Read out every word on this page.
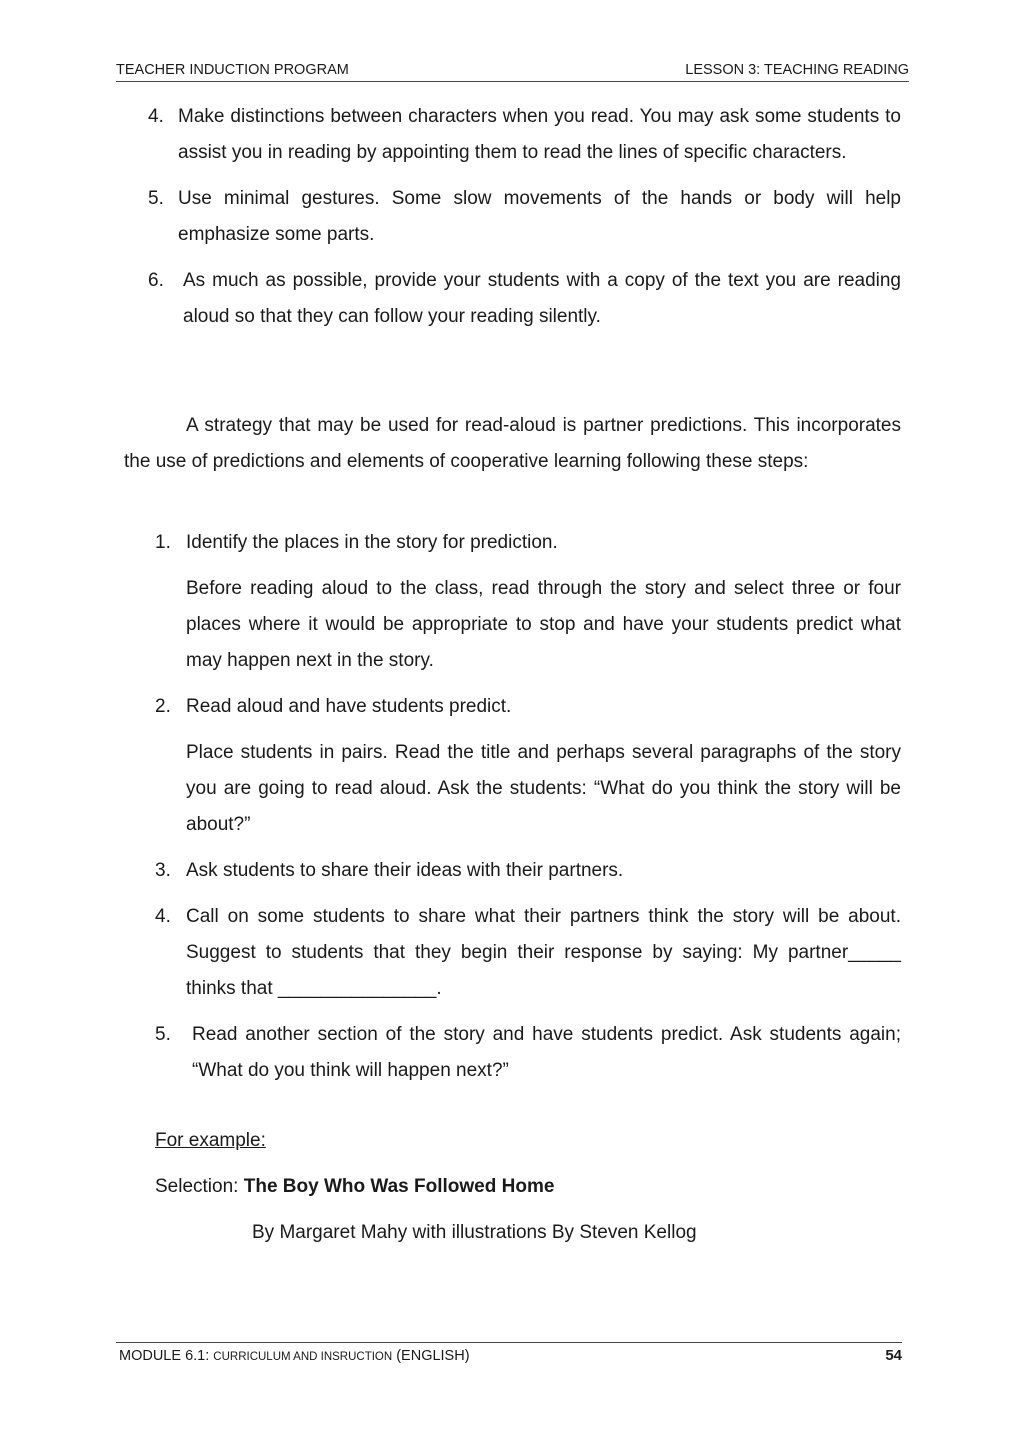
TEACHER INDUCTION PROGRAM	LESSON 3: TEACHING READING
4. Make distinctions between characters when you read. You may ask some students to assist you in reading by appointing them to read the lines of specific characters.
5. Use minimal gestures. Some slow movements of the hands or body will help emphasize some parts.
6. As much as possible, provide your students with a copy of the text you are reading aloud so that they can follow your reading silently.
A strategy that may be used for read-aloud is partner predictions. This incorporates the use of predictions and elements of cooperative learning following these steps:
1. Identify the places in the story for prediction.
Before reading aloud to the class, read through the story and select three or four places where it would be appropriate to stop and have your students predict what may happen next in the story.
2. Read aloud and have students predict.
Place students in pairs. Read the title and perhaps several paragraphs of the story you are going to read aloud. Ask the students: “What do you think the story will be about?”
3. Ask students to share their ideas with their partners.
4. Call on some students to share what their partners think the story will be about. Suggest to students that they begin their response by saying: My partner_____ thinks that _______________.
5. Read another section of the story and have students predict. Ask students again; “What do you think will happen next?”
For example:
Selection: The Boy Who Was Followed Home
By Margaret Mahy with illustrations By Steven Kellog
MODULE 6.1: CURRICULUM AND INSRUCTION (ENGLISH)	54
